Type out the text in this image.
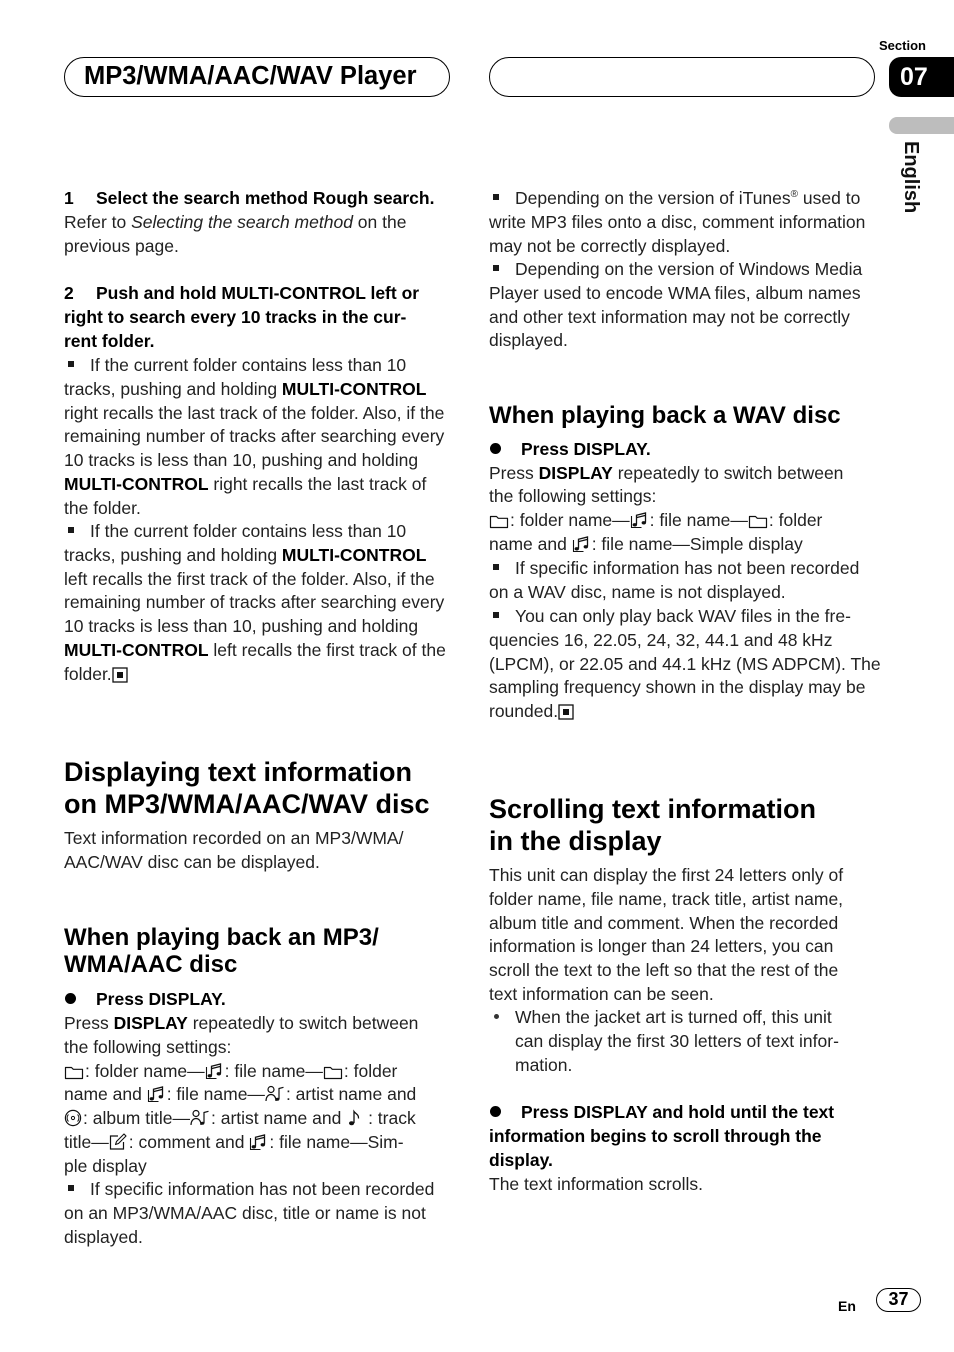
MP3/WMA/AAC/WAV Player
Section
07
English
1 Select the search method Rough search.
Refer to Selecting the search method on the
previous page.
2 Push and hold MULTI-CONTROL left or
right to search every 10 tracks in the cur-
rent folder.
If the current folder contains less than 10
tracks, pushing and holding MULTI-CONTROL
right recalls the last track of the folder. Also, if the
remaining number of tracks after searching every
10 tracks is less than 10, pushing and holding
MULTI-CONTROL right recalls the last track of
the folder.
If the current folder contains less than 10
tracks, pushing and holding MULTI-CONTROL
left recalls the first track of the folder. Also, if the
remaining number of tracks after searching every
10 tracks is less than 10, pushing and holding
MULTI-CONTROL left recalls the first track of the
folder.
Displaying text information
on MP3/WMA/AAC/WAV disc
Text information recorded on an MP3/WMA/
AAC/WAV disc can be displayed.
When playing back an MP3/
WMA/AAC disc
Press DISPLAY.
Press DISPLAY repeatedly to switch between
the following settings:
: folder name— : file name— : folder
name and
: file name— : artist name and
: album title— : artist name and
: track
title— : comment and
: file name—Sim-
ple display
If specific information has not been recorded
on an MP3/WMA/AAC disc, title or name is not
displayed.
Depending on the version of iTunes® used to
write MP3 files onto a disc, comment information
may not be correctly displayed.
Depending on the version of Windows Media
Player used to encode WMA files, album names
and other text information may not be correctly
displayed.
When playing back a WAV disc
Press DISPLAY.
Press DISPLAY repeatedly to switch between
the following settings:
: folder name— : file name— : folder
name and
: file name—Simple display
If specific information has not been recorded
on a WAV disc, name is not displayed.
You can only play back WAV files in the fre-
quencies 16, 22.05, 24, 32, 44.1 and 48 kHz
(LPCM), or 22.05 and 44.1 kHz (MS ADPCM). The
sampling frequency shown in the display may be
rounded.
Scrolling text information
in the display
This unit can display the first 24 letters only of
folder name, file name, track title, artist name,
album title and comment. When the recorded
information is longer than 24 letters, you can
scroll the text to the left so that the rest of the
text information can be seen.
When the jacket art is turned off, this unit
can display the first 30 letters of text infor-
mation.
Press DISPLAY and hold until the text
information begins to scroll through the
display.
The text information scrolls.
En	37
